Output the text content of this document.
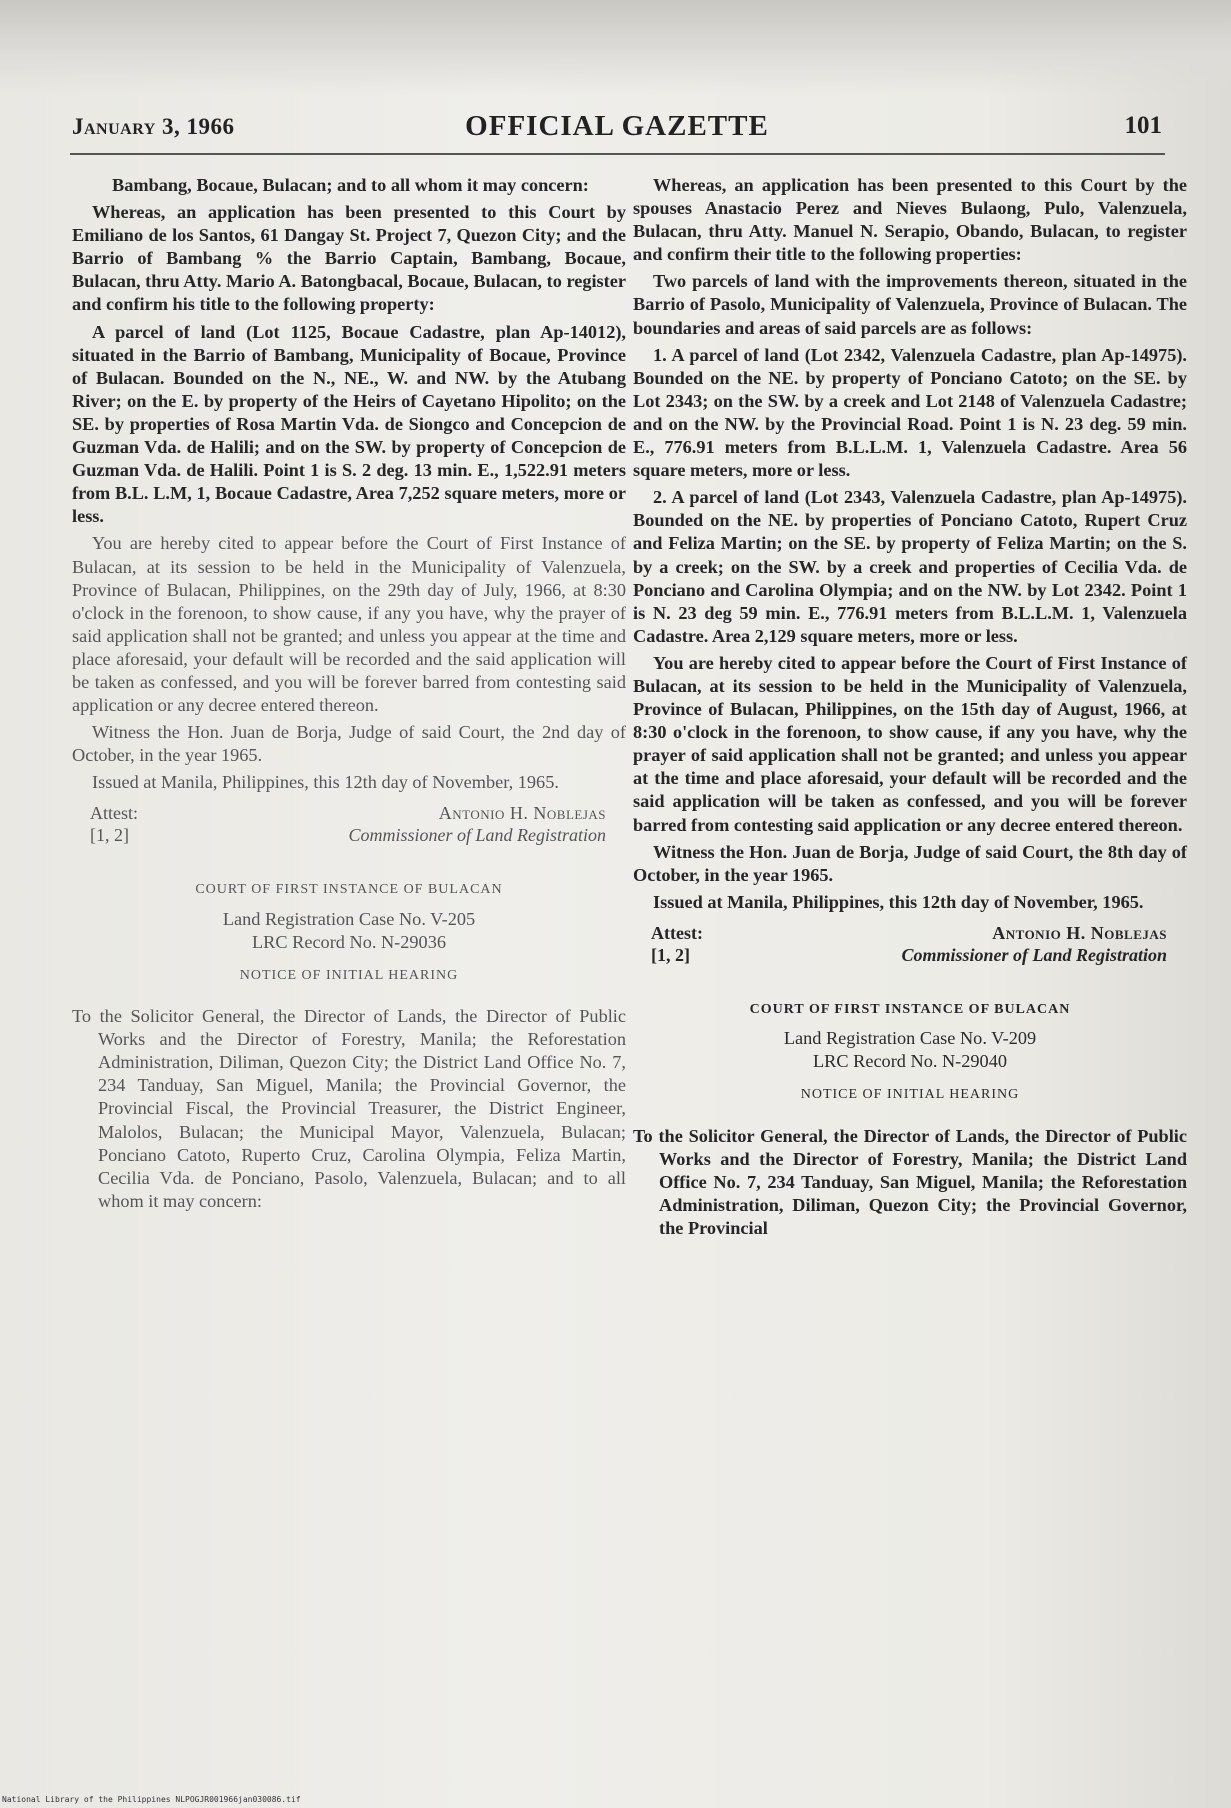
January 3, 1966	OFFICIAL GAZETTE	101

Bambang, Bocaue, Bulacan; and to all whom it may concern:

Whereas, an application has been presented to this Court by Emiliano de los Santos, 61 Dangay St. Project 7, Quezon City; and the Barrio of Bambang % the Barrio Captain, Bambang, Bocaue, Bulacan, thru Atty. Mario A. Batongbacal, Bocaue, Bulacan, to register and confirm his title to the following property:

A parcel of land (Lot 1125, Bocaue Cadastre, plan Ap-14012), situated in the Barrio of Bambang, Municipality of Bocaue, Province of Bulacan. Bounded on the N., NE., W. and NW. by the Atubang River; on the E. by property of the Heirs of Cayetano Hipolito; on the SE. by properties of Rosa Martin Vda. de Siongco and Concepcion de Guzman Vda. de Halili; and on the SW. by property of Concepcion de Guzman Vda. de Halili. Point 1 is S. 2 deg. 13 min. E., 1,522.91 meters from B.L. L.M, 1, Bocaue Cadastre, Area 7,252 square meters, more or less.

You are hereby cited to appear before the Court of First Instance of Bulacan, at its session to be held in the Municipality of Valenzuela, Province of Bulacan, Philippines, on the 29th day of July, 1966, at 8:30 o'clock in the forenoon, to show cause, if any you have, why the prayer of said application shall not be granted; and unless you appear at the time and place aforesaid, your default will be recorded and the said application will be taken as confessed, and you will be forever barred from contesting said application or any decree entered thereon.

Witness the Hon. Juan de Borja, Judge of said Court, the 2nd day of October, in the year 1965.

Issued at Manila, Philippines, this 12th day of November, 1965.

Attest:
[1, 2]
Antonio H. Noblejas
Commissioner of Land Registration
COURT OF FIRST INSTANCE OF BULACAN

Land Registration Case No. V-205

LRC Record No. N-29036

NOTICE OF INITIAL HEARING

To the Solicitor General, the Director of Lands, the Director of Public Works and the Director of Forestry, Manila; the Reforestation Administration, Diliman, Quezon City; the District Land Office No. 7, 234 Tanduay, San Miguel, Manila; the Provincial Governor, the Provincial Fiscal, the Provincial Treasurer, the District Engineer, Malolos, Bulacan; the Municipal Mayor, Valenzuela, Bulacan; Ponciano Catoto, Ruperto Cruz, Carolina Olympia, Feliza Martin, Cecilia Vda. de Ponciano, Pasolo, Valenzuela, Bulacan; and to all whom it may concern:

Whereas, an application has been presented to this Court by the spouses Anastacio Perez and Nieves Bulaong, Pulo, Valenzuela, Bulacan, thru Atty. Manuel N. Serapio, Obando, Bulacan, to register and confirm their title to the following properties:

Two parcels of land with the improvements thereon, situated in the Barrio of Pasolo, Municipality of Valenzuela, Province of Bulacan. The boundaries and areas of said parcels are as follows:

1. A parcel of land (Lot 2342, Valenzuela Cadastre, plan Ap-14975). Bounded on the NE. by property of Ponciano Catoto; on the SE. by Lot 2343; on the SW. by a creek and Lot 2148 of Valenzuela Cadastre; and on the NW. by the Provincial Road. Point 1 is N. 23 deg. 59 min. E., 776.91 meters from B.L.L.M. 1, Valenzuela Cadastre. Area 56 square meters, more or less.

2. A parcel of land (Lot 2343, Valenzuela Cadastre, plan Ap-14975). Bounded on the NE. by properties of Ponciano Catoto, Rupert Cruz and Feliza Martin; on the SE. by property of Feliza Martin; on the S. by a creek; on the SW. by a creek and properties of Cecilia Vda. de Ponciano and Carolina Olympia; and on the NW. by Lot 2342. Point 1 is N. 23 deg 59 min. E., 776.91 meters from B.L.L.M. 1, Valenzuela Cadastre. Area 2,129 square meters, more or less.

You are hereby cited to appear before the Court of First Instance of Bulacan, at its session to be held in the Municipality of Valenzuela, Province of Bulacan, Philippines, on the 15th day of August, 1966, at 8:30 o'clock in the forenoon, to show cause, if any you have, why the prayer of said application shall not be granted; and unless you appear at the time and place aforesaid, your default will be recorded and the said application will be taken as confessed, and you will be forever barred from contesting said application or any decree entered thereon.

Witness the Hon. Juan de Borja, Judge of said Court, the 8th day of October, in the year 1965.

Issued at Manila, Philippines, this 12th day of November, 1965.

Attest:
[1, 2]
Antonio H. Noblejas
Commissioner of Land Registration
COURT OF FIRST INSTANCE OF BULACAN

Land Registration Case No. V-209

LRC Record No. N-29040

NOTICE OF INITIAL HEARING

To the Solicitor General, the Director of Lands, the Director of Public Works and the Director of Forestry, Manila; the District Land Office No. 7, 234 Tanduay, San Miguel, Manila; the Reforestation Administration, Diliman, Quezon City; the Provincial Governor, the Provincial

National Library of the Philippines NLPOGJR001966jan030086.tif
